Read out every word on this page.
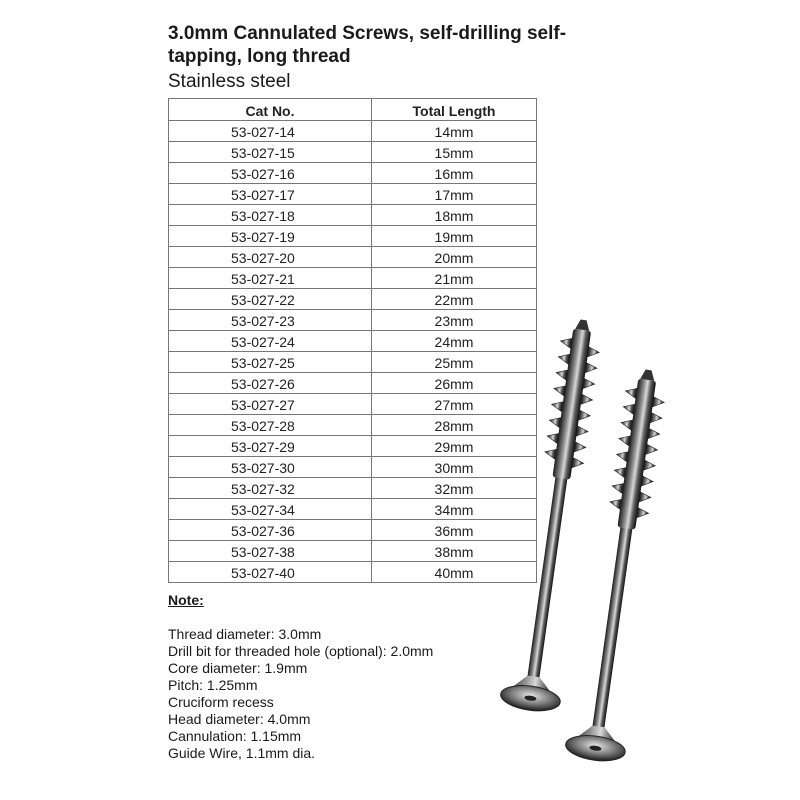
3.0mm Cannulated Screws, self-drilling self-tapping, long thread
Stainless steel
Cat No.	Total Length
53-027-14	14mm
53-027-15	15mm
53-027-16	16mm
53-027-17	17mm
53-027-18	18mm
53-027-19	19mm
53-027-20	20mm
53-027-21	21mm
53-027-22	22mm
53-027-23	23mm
53-027-24	24mm
53-027-25	25mm
53-027-26	26mm
53-027-27	27mm
53-027-28	28mm
53-027-29	29mm
53-027-30	30mm
53-027-32	32mm
53-027-34	34mm
53-027-36	36mm
53-027-38	38mm
53-027-40	40mm
Note:
Thread diameter: 3.0mm
Drill bit for threaded hole (optional): 2.0mm
Core diameter: 1.9mm
Pitch: 1.25mm
Cruciform recess
Head diameter: 4.0mm
Cannulation: 1.15mm
Guide Wire, 1.1mm dia.
